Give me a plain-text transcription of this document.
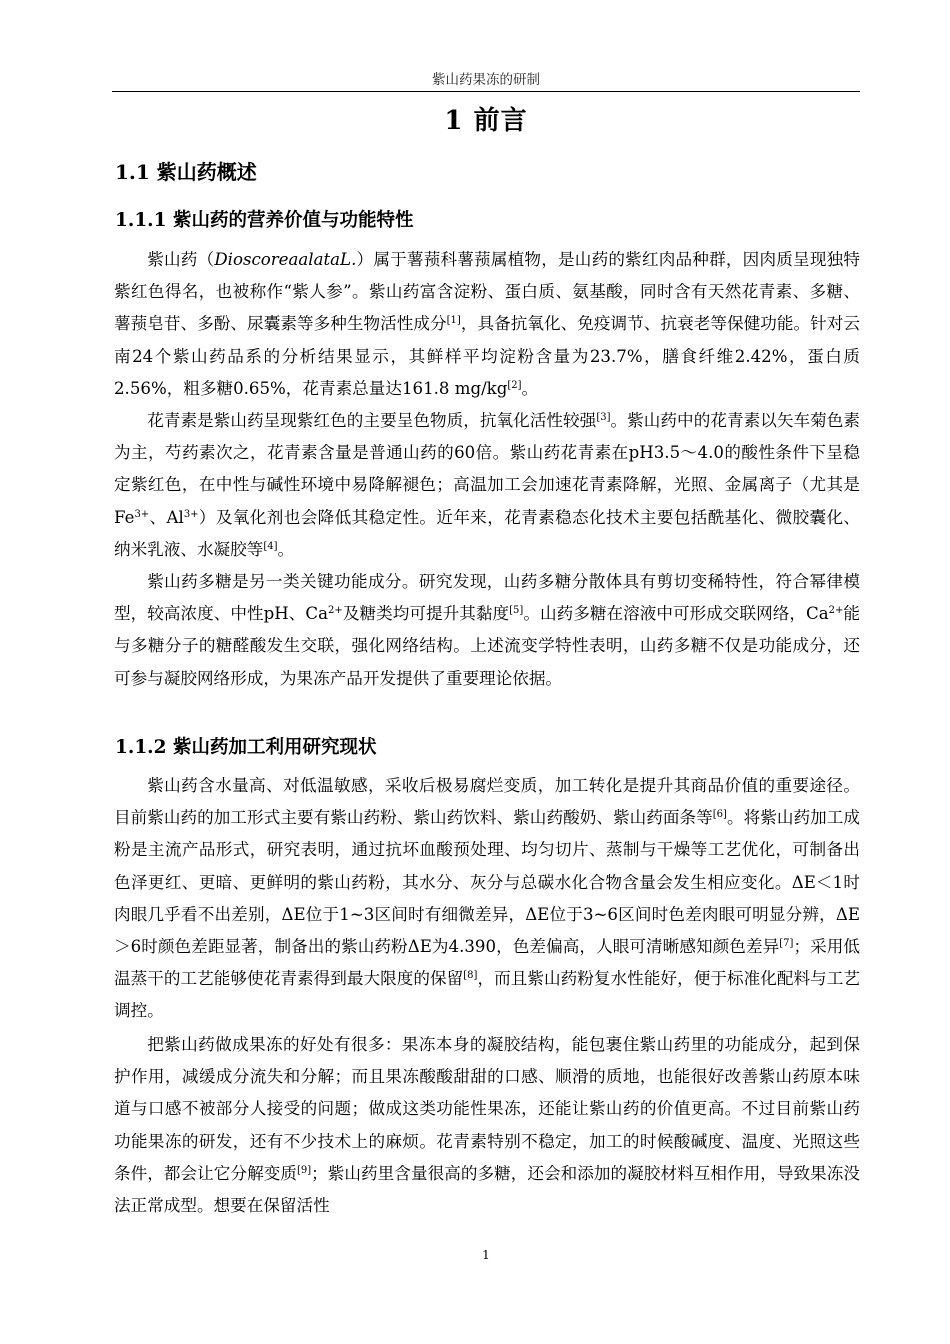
紫山药果冻的研制
1 前言
1.1 紫山药概述
1.1.1 紫山药的营养价值与功能特性

紫山药（DioscoreaalataL.）属于薯蓣科薯蓣属植物，是山药的紫红肉品种群，因肉质呈现独特紫红色得名，也被称作“紫人参”。紫山药富含淀粉、蛋白质、氨基酸，同时含有天然花青素、多糖、薯蓣皂苷、多酚、尿囊素等多种生物活性成分[1]，具备抗氧化、免疫调节、抗衰老等保健功能。针对云南24个紫山药品系的分析结果显示，其鲜样平均淀粉含量为23.7%，膳食纤维2.42%，蛋白质2.56%，粗多糖0.65%，花青素总量达161.8 mg/kg[2]。

花青素是紫山药呈现紫红色的主要呈色物质，抗氧化活性较强[3]。紫山药中的花青素以矢车菊色素为主，芍药素次之，花青素含量是普通山药的60倍。紫山药花青素在pH3.5～4.0的酸性条件下呈稳定紫红色，在中性与碱性环境中易降解褪色；高温加工会加速花青素降解，光照、金属离子（尤其是$Fe^{3+}$、$Al^{3+}$）及氧化剂也会降低其稳定性。近年来，花青素稳态化技术主要包括酰基化、微胶囊化、纳米乳液、水凝胶等[4]。

紫山药多糖是另一类关键功能成分。研究发现，山药多糖分散体具有剪切变稀特性，符合幂律模型，较高浓度、中性pH、$Ca^{2+}$及糖类均可提升其黏度[5]。山药多糖在溶液中可形成交联网络，$Ca^{2+}$能与多糖分子的糖醛酸发生交联，强化网络结构。上述流变学特性表明，山药多糖不仅是功能成分，还可参与凝胶网络形成，为果冻产品开发提供了重要理论依据。

1.1.2 紫山药加工利用研究现状

紫山药含水量高、对低温敏感，采收后极易腐烂变质，加工转化是提升其商品价值的重要途径。目前紫山药的加工形式主要有紫山药粉、紫山药饮料、紫山药酸奶、紫山药面条等[6]。将紫山药加工成粉是主流产品形式，研究表明，通过抗坏血酸预处理、均匀切片、蒸制与干燥等工艺优化，可制备出色泽更红、更暗、更鲜明的紫山药粉，其水分、灰分与总碳水化合物含量会发生相应变化。ΔE＜1时肉眼几乎看不出差别，ΔE位于1~3区间时有细微差异，ΔE位于3~6区间时色差肉眼可明显分辨，ΔE＞6时颜色差距显著，制备出的紫山药粉ΔE为4.390，色差偏高，人眼可清晰感知颜色差异[7]；采用低温蒸干的工艺能够使花青素得到最大限度的保留[8]，而且紫山药粉复水性能好，便于标准化配料与工艺调控。

把紫山药做成果冻的好处有很多：果冻本身的凝胶结构，能包裹住紫山药里的功能成分，起到保护作用，减缓成分流失和分解；而且果冻酸酸甜甜的口感、顺滑的质地，也能很好改善紫山药原本味道与口感不被部分人接受的问题；做成这类功能性果冻，还能让紫山药的价值更高。不过目前紫山药功能果冻的研发，还有不少技术上的麻烦。花青素特别不稳定，加工的时候酸碱度、温度、光照这些条件，都会让它分解变质[9]；紫山药里含量很高的多糖，还会和添加的凝胶材料互相作用，导致果冻没法正常成型。想要在保留活性

1
